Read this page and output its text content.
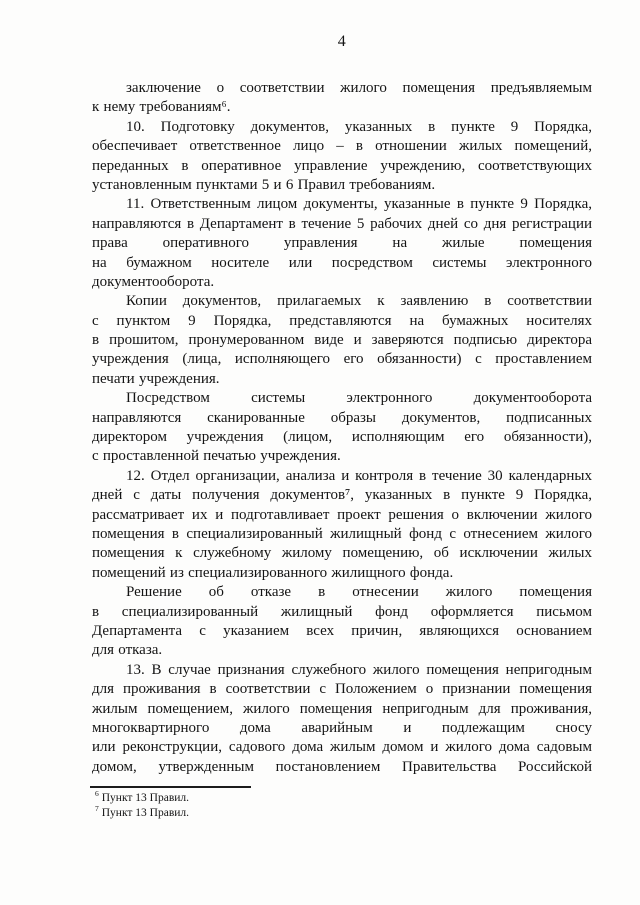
4
заключение о соответствии жилого помещения предъявляемым
к нему требованиям⁶.
10. Подготовку документов, указанных в пункте 9 Порядка,
обеспечивает ответственное лицо – в отношении жилых помещений,
переданных в оперативное управление учреждению, соответствующих
установленным пунктами 5 и 6 Правил требованиям.
11. Ответственным лицом документы, указанные в пункте 9 Порядка,
направляются в Департамент в течение 5 рабочих дней со дня регистрации
права оперативного управления на жилые помещения
на бумажном носителе или посредством системы электронного
документооборота.
Копии документов, прилагаемых к заявлению в соответствии
с пунктом 9 Порядка, представляются на бумажных носителях
в прошитом, пронумерованном виде и заверяются подписью директора
учреждения (лица, исполняющего его обязанности) с проставлением
печати учреждения.
Посредством системы электронного документооборота
направляются сканированные образы документов, подписанных
директором учреждения (лицом, исполняющим его обязанности),
с проставленной печатью учреждения.
12. Отдел организации, анализа и контроля в течение 30 календарных
дней с даты получения документов⁷, указанных в пункте 9 Порядка,
рассматривает их и подготавливает проект решения о включении жилого
помещения в специализированный жилищный фонд с отнесением жилого
помещения к служебному жилому помещению, об исключении жилых
помещений из специализированного жилищного фонда.
Решение об отказе в отнесении жилого помещения
в специализированный жилищный фонд оформляется письмом
Департамента с указанием всех причин, являющихся основанием
для отказа.
13. В случае признания служебного жилого помещения непригодным
для проживания в соответствии с Положением о признании помещения
жилым помещением, жилого помещения непригодным для проживания,
многоквартирного дома аварийным и подлежащим сносу
или реконструкции, садового дома жилым домом и жилого дома садовым
домом, утвержденным постановлением Правительства Российской
$^6$ Пункт 13 Правил.
$^7$ Пункт 13 Правил.
